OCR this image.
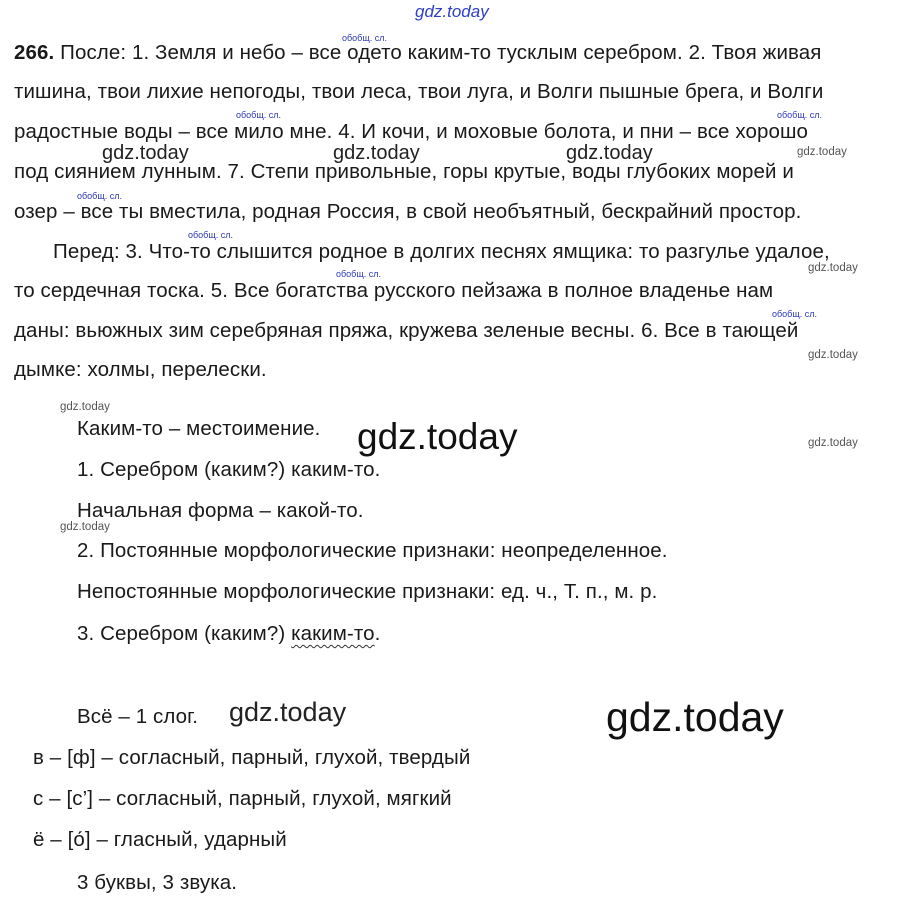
gdz.today
обобщ. сл.
обобщ. сл.	обобщ. сл.
обобщ. сл.
обобщ. сл.
обобщ. сл.
обобщ. сл.
266. После: 1. Земля и небо – все одето каким-то тусклым серебром. 2. Твоя живая
тишина, твои лихие непогоды, твои леса, твои луга, и Волги пышные брега, и Волги
радостные воды – все мило мне. 4. И кочи, и моховые болота, и пни – все хорошо
под сиянием лунным. 7. Степи привольные, горы крутые, воды глубоких морей и
озер – все ты вместила, родная Россия, в свой необъятный, бескрайний простор.
Перед: 3. Что-то слышится родное в долгих песнях ямщика: то разгулье удалое,
то сердечная тоска. 5. Все богатства русского пейзажа в полное владенье нам
даны: вьюжных зим серебряная пряжа, кружева зеленые весны. 6. Все в тающей
дымке: холмы, перелески.
Каким-то – местоимение.
1. Серебром (каким?) каким-то.
Начальная форма – какой-то.
2. Постоянные морфологические признаки: неопределенное.
Непостоянные морфологические признаки: ед. ч., Т. п., м. р.
3. Серебром (каким?) каким-то.
Всё – 1 слог.
в – [ф] – согласный, парный, глухой, твердый
с – [с’] – согласный, парный, глухой, мягкий
ё – [о́] – гласный, ударный
3 буквы, 3 звука.
gdz.today	gdz.today	gdz.today	gdz.today
gdz.today
gdz.today
gdz.today
gdz.today	gdz.today
gdz.today
gdz.today	gdz.today
